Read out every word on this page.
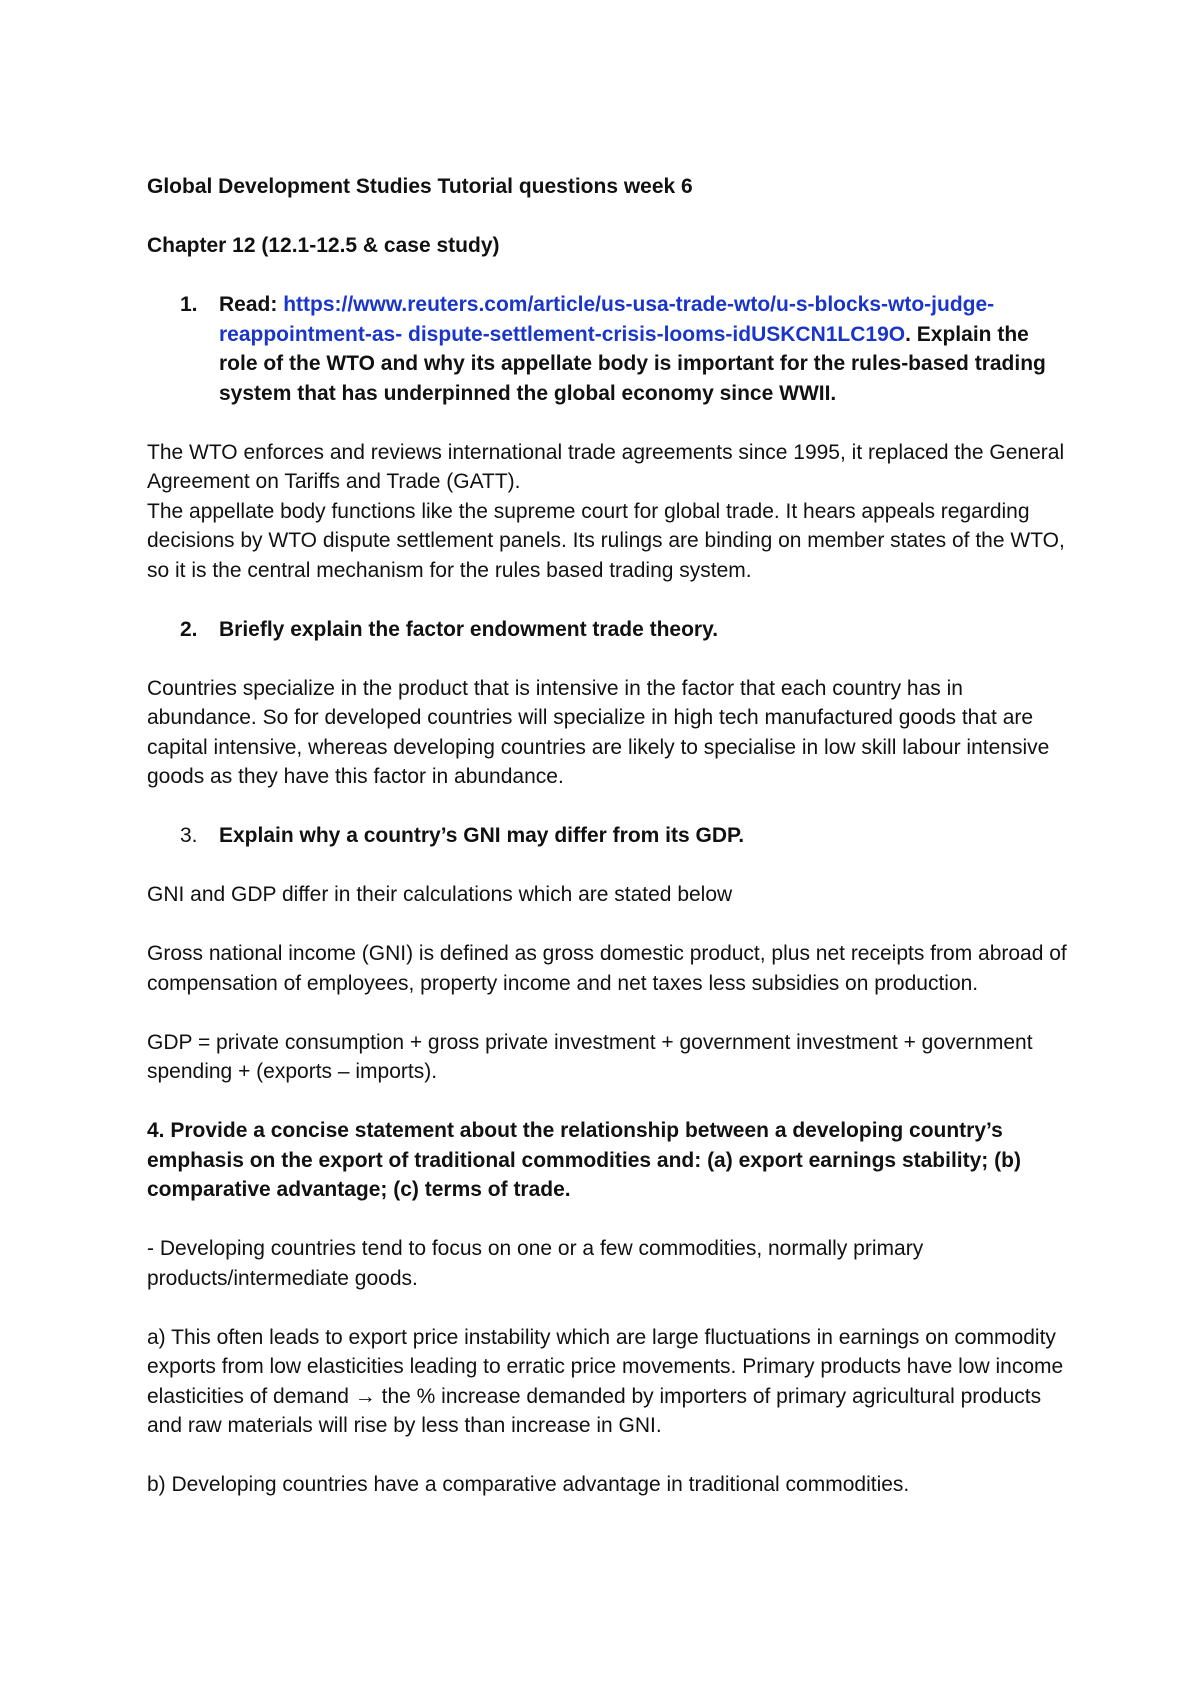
Global Development Studies Tutorial questions week 6

Chapter 12 (12.1-12.5 & case study)

1.	Read: https://www.reuters.com/article/us-usa-trade-wto/u-s-blocks-wto-judge-reappointment-as- dispute-settlement-crisis-looms-idUSKCN1LC19O. Explain the role of the WTO and why its appellate body is important for the rules-based trading system that has underpinned the global economy since WWII.

The WTO enforces and reviews international trade agreements since 1995, it replaced the General Agreement on Tariffs and Trade (GATT).

The appellate body functions like the supreme court for global trade. It hears appeals regarding decisions by WTO dispute settlement panels. Its rulings are binding on member states of the WTO, so it is the central mechanism for the rules based trading system.

2.	Briefly explain the factor endowment trade theory.

Countries specialize in the product that is intensive in the factor that each country has in abundance. So for developed countries will specialize in high tech manufactured goods that are capital intensive, whereas developing countries are likely to specialise in low skill labour intensive goods as they have this factor in abundance.

3.	Explain why a country’s GNI may differ from its GDP.

GNI and GDP differ in their calculations which are stated below

Gross national income (GNI) is defined as gross domestic product, plus net receipts from abroad of compensation of employees, property income and net taxes less subsidies on production.

GDP = private consumption + gross private investment + government investment + government spending + (exports – imports).

4. Provide a concise statement about the relationship between a developing country’s emphasis on the export of traditional commodities and: (a) export earnings stability; (b) comparative advantage; (c) terms of trade.

- Developing countries tend to focus on one or a few commodities, normally primary products/intermediate goods.

a) This often leads to export price instability which are large fluctuations in earnings on commodity exports from low elasticities leading to erratic price movements. Primary products have low income elasticities of demand → the % increase demanded by importers of primary agricultural products and raw materials will rise by less than increase in GNI.

b) Developing countries have a comparative advantage in traditional commodities.
